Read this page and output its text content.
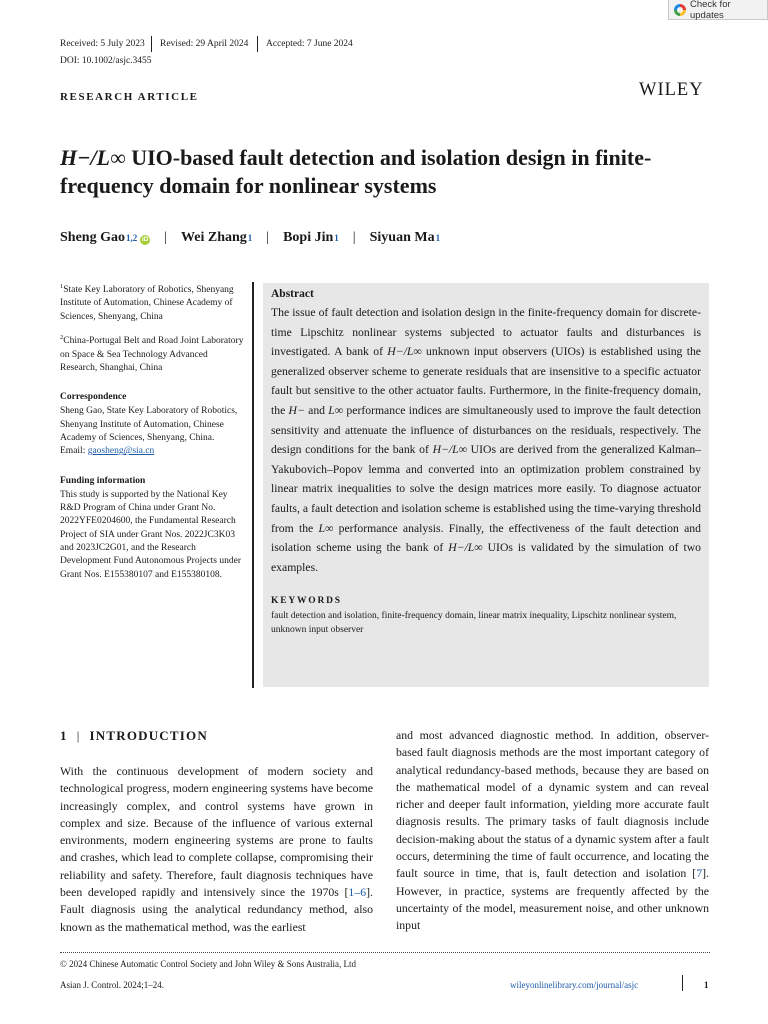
Check for updates
Received: 5 July 2023 Revised: 29 April 2024 Accepted: 7 June 2024
DOI: 10.1002/asjc.3455
RESEARCH ARTICLE	WILEY
H−/L∞ UIO-based fault detection and isolation design in finite-frequency domain for nonlinear systems
Sheng Gao 1,2 iD | Wei Zhang 1 | Bopi Jin 1 | Siyuan Ma 1

$^1$State Key Laboratory of Robotics, Shenyang Institute of Automation, Chinese Academy of Sciences, Shenyang, China

$^2$China-Portugal Belt and Road Joint Laboratory on Space & Sea Technology Advanced Research, Shanghai, China

Correspondence

Sheng Gao, State Key Laboratory of Robotics, Shenyang Institute of Automation, Chinese Academy of Sciences, Shenyang, China.

Email: gaosheng@sia.cn

Funding information

This study is supported by the National Key R&D Program of China under Grant No. 2022YFE0204600, the Fundamental Research Project of SIA under Grant Nos. 2022JC3K03 and 2023JC2G01, and the Research Development Fund Autonomous Projects under Grant Nos. E155380107 and E155380108.

Abstract
The issue of fault detection and isolation design in the finite-frequency domain for discrete-time Lipschitz nonlinear systems subjected to actuator faults and disturbances is investigated. A bank of H−/L∞ unknown input observers (UIOs) is established using the generalized observer scheme to generate residuals that are insensitive to a specific actuator fault but sensitive to the other actuator faults. Furthermore, in the finite-frequency domain, the H− and L∞ performance indices are simultaneously used to improve the fault detection sensitivity and attenuate the influence of disturbances on the residuals, respectively. The design conditions for the bank of H−/L∞ UIOs are derived from the generalized Kalman–Yakubovich–Popov lemma and converted into an optimization problem constrained by linear matrix inequalities to solve the design matrices more easily. To diagnose actuator faults, a fault detection and isolation scheme is established using the time-varying threshold from the L∞ performance analysis. Finally, the effectiveness of the fault detection and isolation scheme using the bank of H−/L∞ UIOs is validated by the simulation of two examples.
KEYWORDS
fault detection and isolation, finite-frequency domain, linear matrix inequality, Lipschitz nonlinear system, unknown input observer
1 | INTRODUCTION
With the continuous development of modern society and technological progress, modern engineering systems have become increasingly complex, and control systems have grown in complex and size. Because of the influence of various external environments, modern engineering systems are prone to faults and crashes, which lead to complete collapse, compromising their reliability and safety. Therefore, fault diagnosis techniques have been developed rapidly and intensively since the 1970s [1–6]. Fault diagnosis using the analytical redundancy method, also known as the mathematical method, was the earliest
and most advanced diagnostic method. In addition, observer-based fault diagnosis methods are the most important category of analytical redundancy-based methods, because they are based on the mathematical model of a dynamic system and can reveal richer and deeper fault information, yielding more accurate fault diagnosis results. The primary tasks of fault diagnosis include decision-making about the status of a dynamic system after a fault occurs, determining the time of fault occurrence, and locating the fault source in time, that is, fault detection and isolation [7]. However, in practice, systems are frequently affected by the uncertainty of the model, measurement noise, and other unknown input
© 2024 Chinese Automatic Control Society and John Wiley & Sons Australia, Ltd
Asian J. Control. 2024;1–24.	wileyonlinelibrary.com/journal/asjc	1
